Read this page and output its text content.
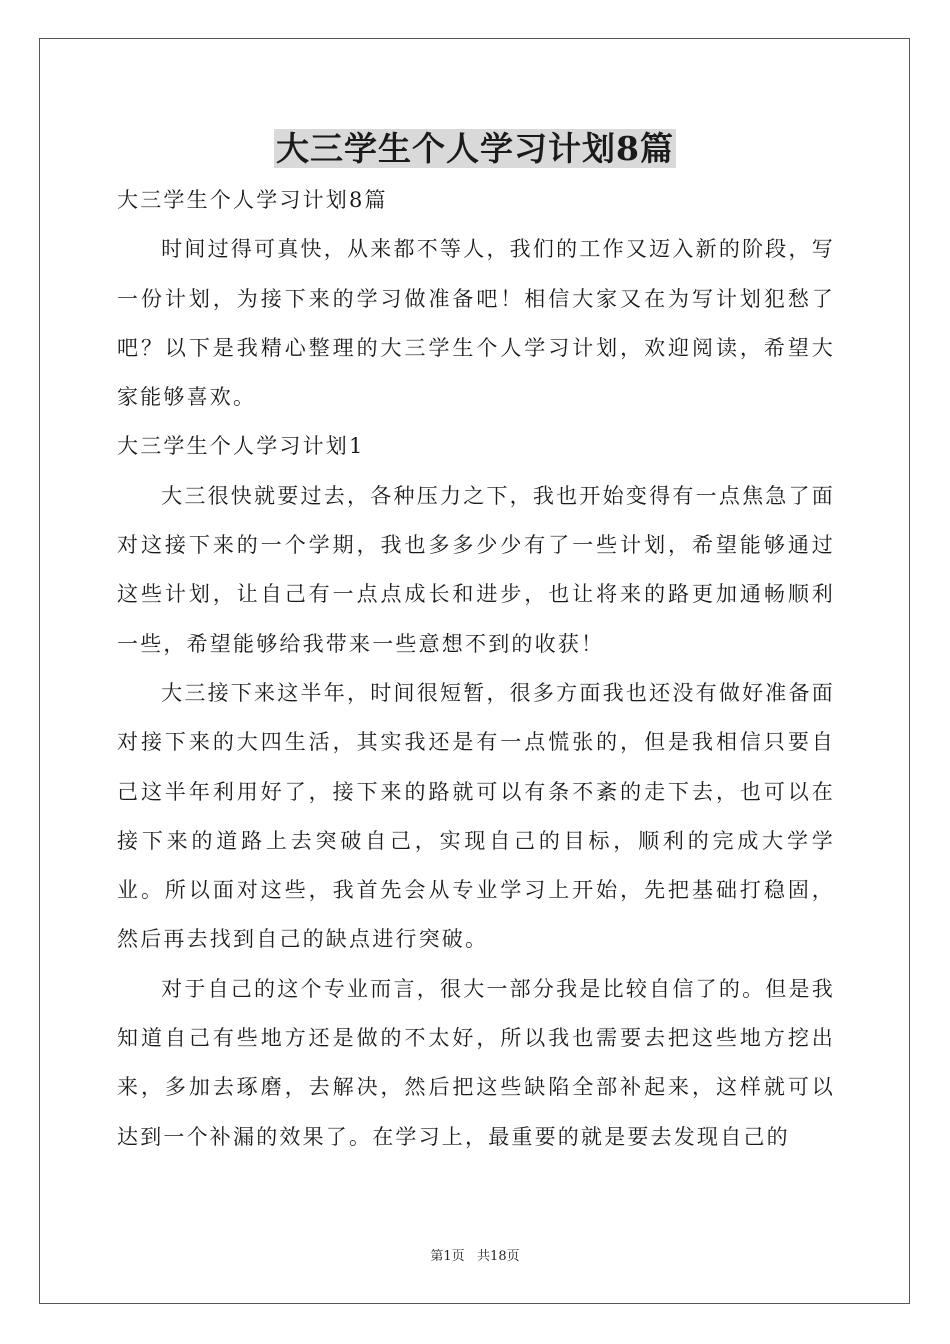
大三学生个人学习计划8篇

大三学生个人学习计划8篇

时间过得可真快，从来都不等人，我们的工作又迈入新的阶段，写一份计划，为接下来的学习做准备吧！相信大家又在为写计划犯愁了吧？以下是我精心整理的大三学生个人学习计划，欢迎阅读，希望大家能够喜欢。

大三学生个人学习计划1

大三很快就要过去，各种压力之下，我也开始变得有一点焦急了面对这接下来的一个学期，我也多多少少有了一些计划，希望能够通过这些计划，让自己有一点点成长和进步，也让将来的路更加通畅顺利一些，希望能够给我带来一些意想不到的收获！

大三接下来这半年，时间很短暂，很多方面我也还没有做好准备面对接下来的大四生活，其实我还是有一点慌张的，但是我相信只要自己这半年利用好了，接下来的路就可以有条不紊的走下去，也可以在接下来的道路上去突破自己，实现自己的目标，顺利的完成大学学业。所以面对这些，我首先会从专业学习上开始，先把基础打稳固，然后再去找到自己的缺点进行突破。

对于自己的这个专业而言，很大一部分我是比较自信了的。但是我知道自己有些地方还是做的不太好，所以我也需要去把这些地方挖出来，多加去琢磨，去解决，然后把这些缺陷全部补起来，这样就可以达到一个补漏的效果了。在学习上，最重要的就是要去发现自己的

第1页   共18页
